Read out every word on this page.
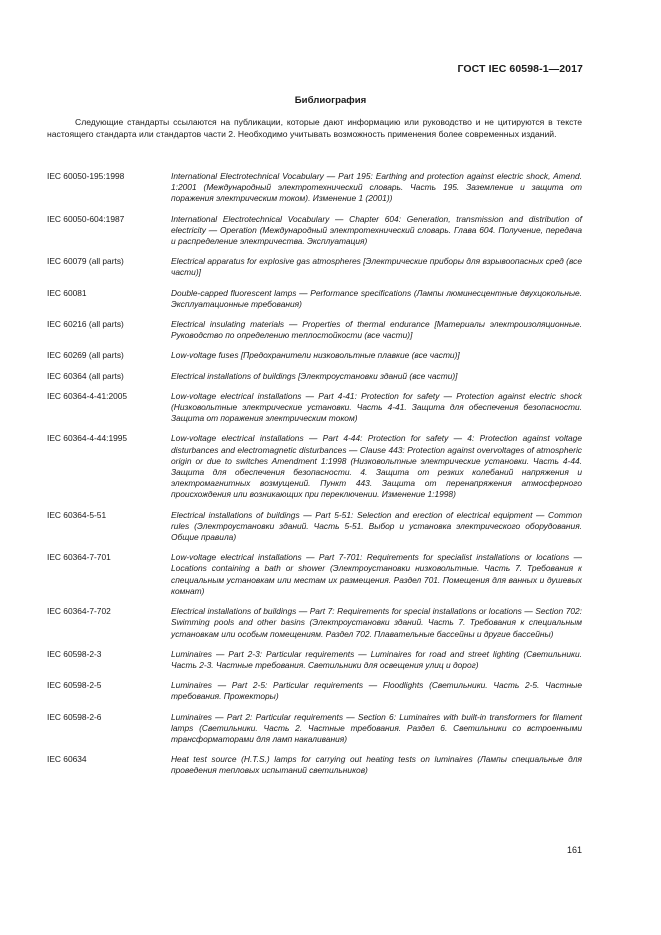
ГОСТ IEC 60598-1—2017
Библиография

Следующие стандарты ссылаются на публикации, которые дают информацию или руководство и не цитируются в тексте настоящего стандарта или стандартов части 2. Необходимо учитывать возможность применения более современных изданий.

IEC 60050-195:1998	International Electrotechnical Vocabulary — Part 195: Earthing and protection against electric shock, Amend. 1:2001 (Международный электротехнический словарь. Часть 195. Заземление и защита от поражения электрическим током). Изменение 1 (2001))
IEC 60050-604:1987	International Electrotechnical Vocabulary — Chapter 604: Generation, transmission and distribution of electricity — Operation (Международный электротехнический словарь. Глава 604. Получение, передача и распределение электричества. Эксплуатация)
IEC 60079 (all parts)	Electrical apparatus for explosive gas atmospheres [Электрические приборы для взрывоопасных сред (все части)]
IEC 60081	Double-capped fluorescent lamps — Performance specifications (Лампы люминесцентные двухцокольные. Эксплуатационные требования)
IEC 60216 (all parts)	Electrical insulating materials — Properties of thermal endurance [Материалы электроизоляционные. Руководство по определению теплостойкости (все части)]
IEC 60269 (all parts)	Low-voltage fuses [Предохранители низковольтные плавкие (все части)]
IEC 60364 (all parts)	Electrical installations of buildings [Электроустановки зданий (все части)]
IEC 60364-4-41:2005	Low-voltage electrical installations — Part 4-41: Protection for safety — Protection against electric shock (Низковольтные электрические установки. Часть 4-41. Защита для обеспечения безопасности. Защита от поражения электрическим током)
IEC 60364-4-44:1995	Low-voltage electrical installations — Part 4-44: Protection for safety — 4: Protection against voltage disturbances and electromagnetic disturbances — Clause 443: Protection against overvoltages of atmospheric origin or due to switches Amendment 1:1998 (Низковольтные электрические установки. Часть 4-44. Защита для обеспечения безопасности. 4. Защита от резких колебаний напряжения и электромагнитных возмущений. Пункт 443. Защита от перенапряжения атмосферного происхождения или возникающих при переключении. Изменение 1:1998)
IEC 60364-5-51	Electrical installations of buildings — Part 5-51: Selection and erection of electrical equipment — Common rules (Электроустановки зданий. Часть 5-51. Выбор и установка электрического оборудования. Общие правила)
IEC 60364-7-701	Low-voltage electrical installations — Part 7-701: Requirements for specialist installations or locations — Locations containing a bath or shower (Электроустановки низковольтные. Часть 7. Требования к специальным установкам или местам их размещения. Раздел 701. Помещения для ванных и душевых комнат)
IEC 60364-7-702	Electrical installations of buildings — Part 7: Requirements for special installations or locations — Section 702: Swimming pools and other basins (Электроустановки зданий. Часть 7. Требования к специальным установкам или особым помещениям. Раздел 702. Плавательные бассейны и другие бассейны)
IEC 60598-2-3	Luminaires — Part 2-3: Particular requirements — Luminaires for road and street lighting (Светильники. Часть 2-3. Частные требования. Светильники для освещения улиц и дорог)
IEC 60598-2-5	Luminaires — Part 2-5: Particular requirements — Floodlights (Светильники. Часть 2-5. Частные требования. Прожекторы)
IEC 60598-2-6	Luminaires — Part 2: Particular requirements — Section 6: Luminaires with built-in transformers for filament lamps (Светильники. Часть 2. Частные требования. Раздел 6. Светильники со встроенными трансформаторами для ламп накаливания)
IEC 60634	Heat test source (H.T.S.) lamps for carrying out heating tests on luminaires (Лампы специальные для проведения тепловых испытаний светильников)
161
